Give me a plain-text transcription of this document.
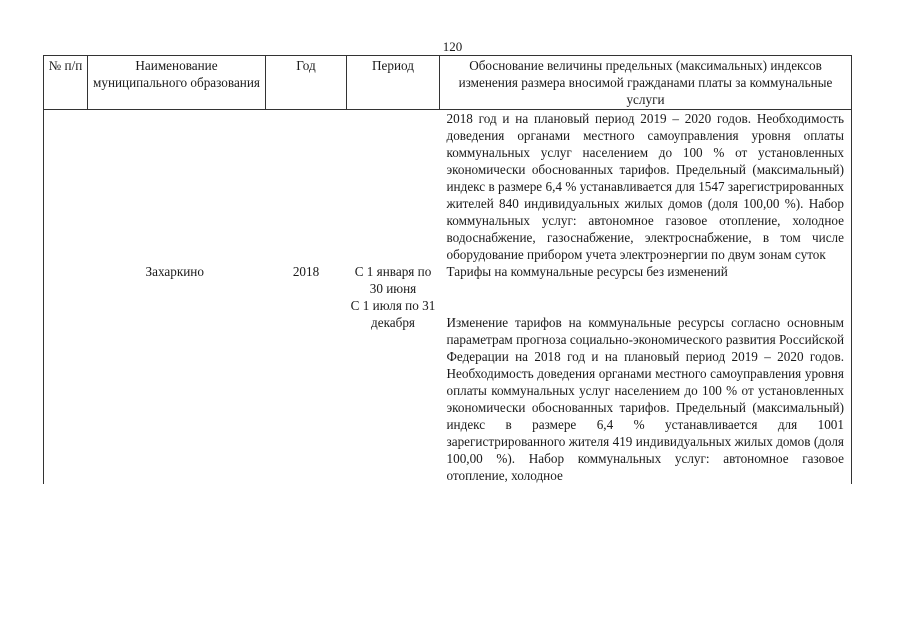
120
№ п/п	Наименование муниципального образования	Год	Период	Обоснование величины предельных (максимальных) индексов изменения размера вносимой гражданами платы за коммунальные услуги
				2018 год и на плановый период 2019 – 2020 годов. Необходимость доведения органами местного самоуправления уровня оплаты коммунальных услуг населением до 100 % от установленных экономически обоснованных тарифов. Предельный (максимальный) индекс в размере 6,4 % устанавливается для 1547 зарегистрированных жителей 840 индивидуальных жилых домов (доля 100,00 %). Набор коммунальных услуг: автономное газовое отопление, холодное водоснабжение, газоснабжение, электроснабжение, в том числе оборудование прибором учета электроэнергии по двум зонам суток
	Захаркино	2018	С 1 января по 30 июня	Тарифы на коммунальные ресурсы без изменений
			С 1 июля по 31 декабря	Изменение тарифов на коммунальные ресурсы согласно основным параметрам прогноза социально-экономического развития Российской Федерации на 2018 год и на плановый период 2019 – 2020 годов. Необходимость доведения органами местного самоуправления уровня оплаты коммунальных услуг населением до 100 % от установленных экономически обоснованных тарифов. Предельный (максимальный) индекс в размере 6,4 % устанавливается для 1001 зарегистрированного жителя 419 индивидуальных жилых домов (доля 100,00 %). Набор коммунальных услуг: автономное газовое отопление, холодное
